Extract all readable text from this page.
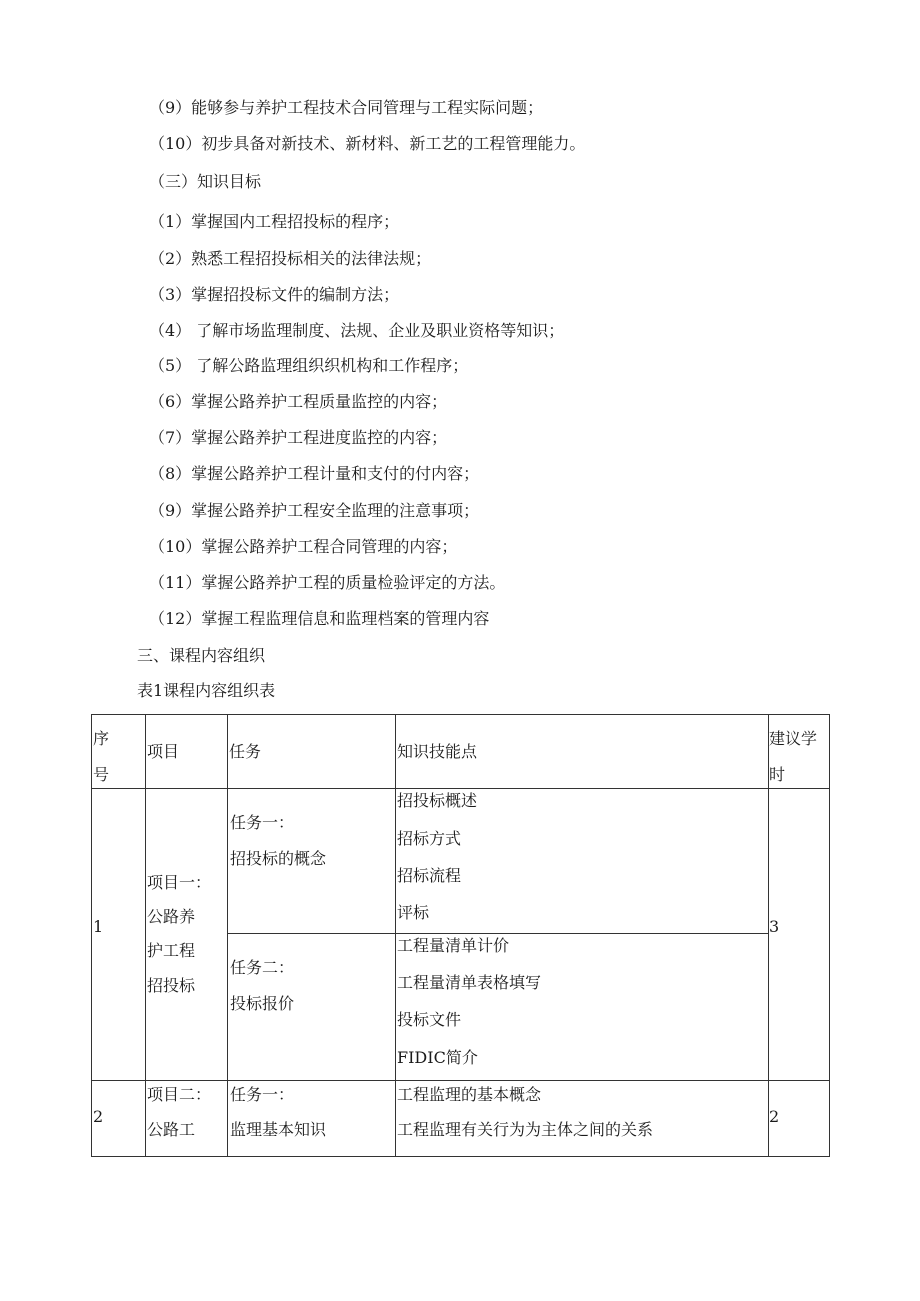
（9）能够参与养护工程技术合同管理与工程实际问题；
（10）初步具备对新技术、新材料、新工艺的工程管理能力。
（三）知识目标
（1）掌握国内工程招投标的程序；
（2）熟悉工程招投标相关的法律法规；
（3）掌握招投标文件的编制方法；
（4） 了解市场监理制度、法规、企业及职业资格等知识；
（5） 了解公路监理组织织机构和工作程序；
（6）掌握公路养护工程质量监控的内容；
（7）掌握公路养护工程进度监控的内容；
（8）掌握公路养护工程计量和支付的付内容；
（9）掌握公路养护工程安全监理的注意事项；
（10）掌握公路养护工程合同管理的内容；
（11）掌握公路养护工程的质量检验评定的方法。
（12）掌握工程监理信息和监理档案的管理内容
三、课程内容组织
表1课程内容组织表
序
号	项目	任务	知识技能点	建议学
时

1	项目一：
公路养
护工程
招投标	任务一：
招投标的概念	招投标概述
招标方式
招标流程
评标	3

		任务二：
投标报价	工程量清单计价
工程量清单表格填写
投标文件
FIDIC简介	

2	项目二：
公路工	任务一：
监理基本知识	工程监理的基本概念
工程监理有关行为为主体之间的关系	2
